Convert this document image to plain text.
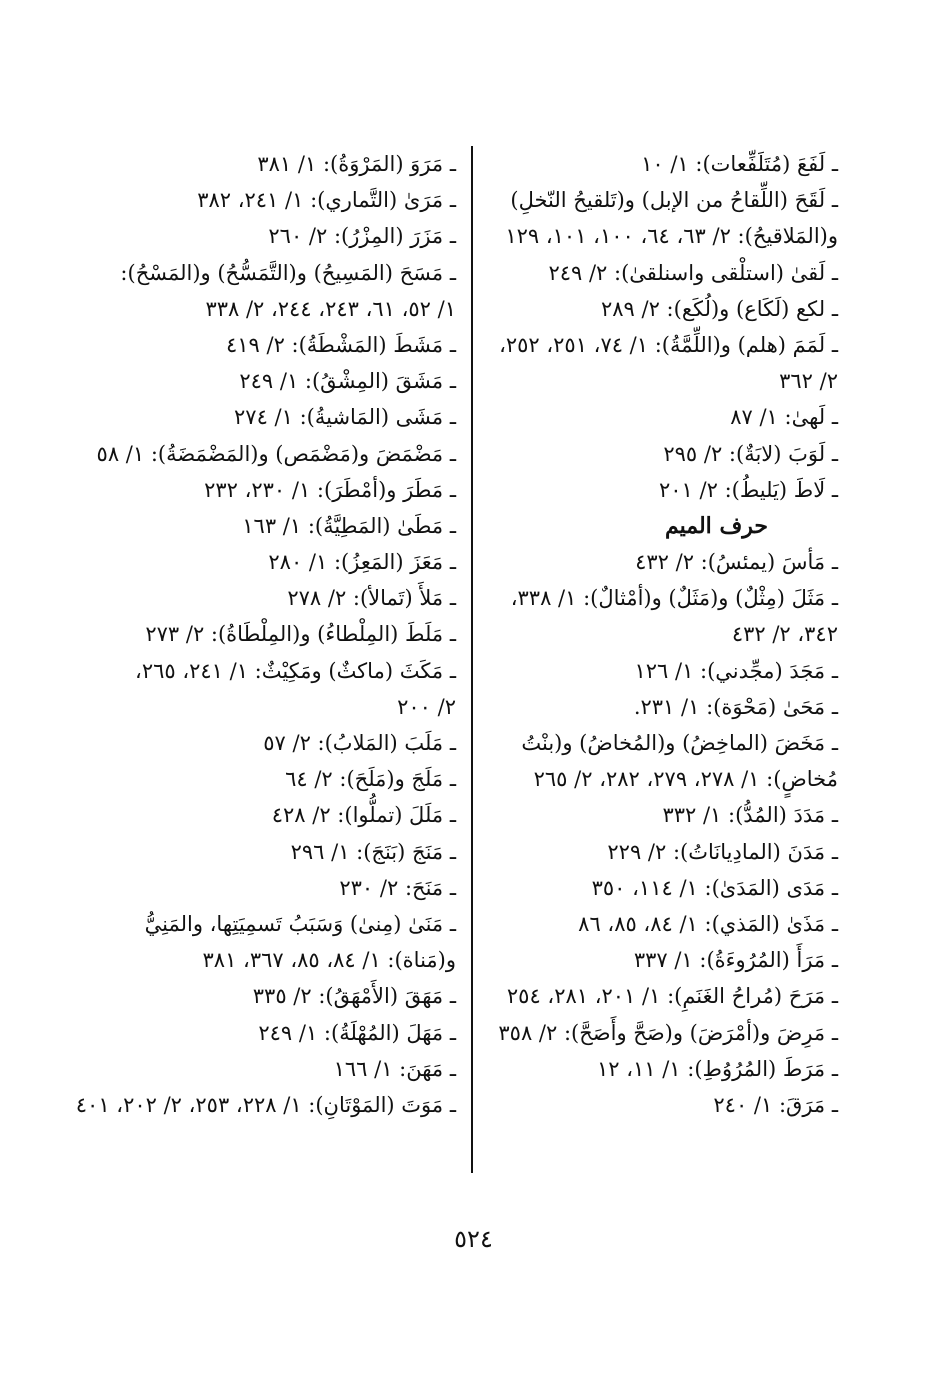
ـ لَفَعَ (مُتَلَفِّعات): ١/ ١٠
ـ لَقَحَ (اللِّقاحُ من الإبل) و(تَلقيحُ النّخلِ)
و(المَلاقيحُ): ٢/ ٦٣، ٦٤، ١٠٠، ١٠١، ١٢٩
ـ لَقىٰ (استلْقى واسنلقىٰ): ٢/ ٢٤٩
ـ لكع (لَكَاع) و(لُكَع): ٢/ ٢٨٩
ـ لَمَمَ (هلم) و(اللِّمَّةُ): ١/ ٧٤، ٢٥١، ٢٥٢،
٢/ ٣٦٢
ـ لَهىٰ: ١/ ٨٧
ـ لَوَبَ (لابَةٌ): ٢/ ٢٩٥
ـ لَاطَ (يَليطُ): ٢/ ٢٠١
حرف الميم
ـ مَأسَ (يمئسُ): ٢/ ٤٣٢
ـ مَثَلَ (مِثْلٌ) و(مَثَلٌ) و(أمْثالٌ): ١/ ٣٣٨،
٣٤٢، ٢/ ٤٣٢
ـ مَجَدَ (مجِّدني): ١/ ١٢٦
ـ مَحَىٰ (مَحْوَة): ١/ ٢٣١.
ـ مَخَضَ (الماخِضُ) و(المُخاضُ) و(بنْتُ
مُخاضٍ): ١/ ٢٧٨، ٢٧٩، ٢٨٢، ٢/ ٢٦٥
ـ مَدَدَ (المُدُّ): ١/ ٣٣٢
ـ مَدَنَ (المادِيانَاتُ): ٢/ ٢٢٩
ـ مَدَى (المَدَىٰ): ١/ ١١٤، ٣٥٠
ـ مَذَىٰ (المَذي): ١/ ٨٤، ٨٥، ٨٦
ـ مَرَأَ (المُرُوءَةُ): ١/ ٣٣٧
ـ مَرَحَ (مُراحُ الغَنَمِ): ١/ ٢٠١، ٢٨١، ٢٥٤
ـ مَرِضَ و(أمْرَضَ) و(صَحَّ وأَصَحَّ): ٢/ ٣٥٨
ـ مَرَطَ (المُرُوُطِ): ١/ ١١، ١٢
ـ مَرَقَ: ١/ ٢٤٠
ـ مَرَوَ (المَرْوَةُ): ١/ ٣٨١
ـ مَرَىٰ (التَّماري): ١/ ٢٤١، ٣٨٢
ـ مَزَرَ (المِزْرُ): ٢/ ٢٦٠
ـ مَسَحَ (المَسِيحُ) و(التَّمَسُّحُ) و(المَسْحُ):
١/ ٥٢، ٦١، ٢٤٣، ٢٤٤، ٢/ ٣٣٨
ـ مَشَطَ (المَشْطَةُ): ٢/ ٤١٩
ـ مَشَقَ (المِشْقُ): ١/ ٢٤٩
ـ مَشَى (المَاشيةُ): ١/ ٢٧٤
ـ مَضْمَضَ و(مَضْمَص) و(المَضْمَضَةُ): ١/ ٥٨
ـ مَطَرَ و(أمْطَرَ): ١/ ٢٣٠، ٢٣٢
ـ مَطَىٰ (المَطِيَّةُ): ١/ ١٦٣
ـ مَعَزَ (المَعِزُ): ١/ ٢٨٠
ـ مَلأَ (تَمالأ): ٢/ ٢٧٨
ـ مَلَطَ (المِلْطاءُ) و(المِلْطَاةُ): ٢/ ٢٧٣
ـ مَكَثَ (ماكثٌ) ومَكِيْثٌ: ١/ ٢٤١، ٢٦٥،
٢/ ٢٠٠
ـ مَلَبَ (المَلابُ): ٢/ ٥٧
ـ مَلَجَ و(مَلَحَ): ٢/ ٦٤
ـ مَلَلَ (تملُّوا): ٢/ ٤٢٨
ـ مَنَجَ (بَنَجَ): ١/ ٢٩٦
ـ مَنَحَ: ٢/ ٢٣٠
ـ مَنَىٰ (مِنىٰ) وَسَبَبُ تَسمِيَتِها، والمَنِيُّ
و(مَناة): ١/ ٨٤، ٨٥، ٣٦٧، ٣٨١
ـ مَهَقَ (الأَمْهَقُ): ٢/ ٣٣٥
ـ مَهَلَ (المُهْلَةُ): ١/ ٢٤٩
ـ مَهَنَ: ١/ ١٦٦
ـ مَوَتَ (المَوْتَانِ): ١/ ٢٢٨، ٢٥٣، ٢/ ٢٠٢، ٤٠١
٥٢٤
